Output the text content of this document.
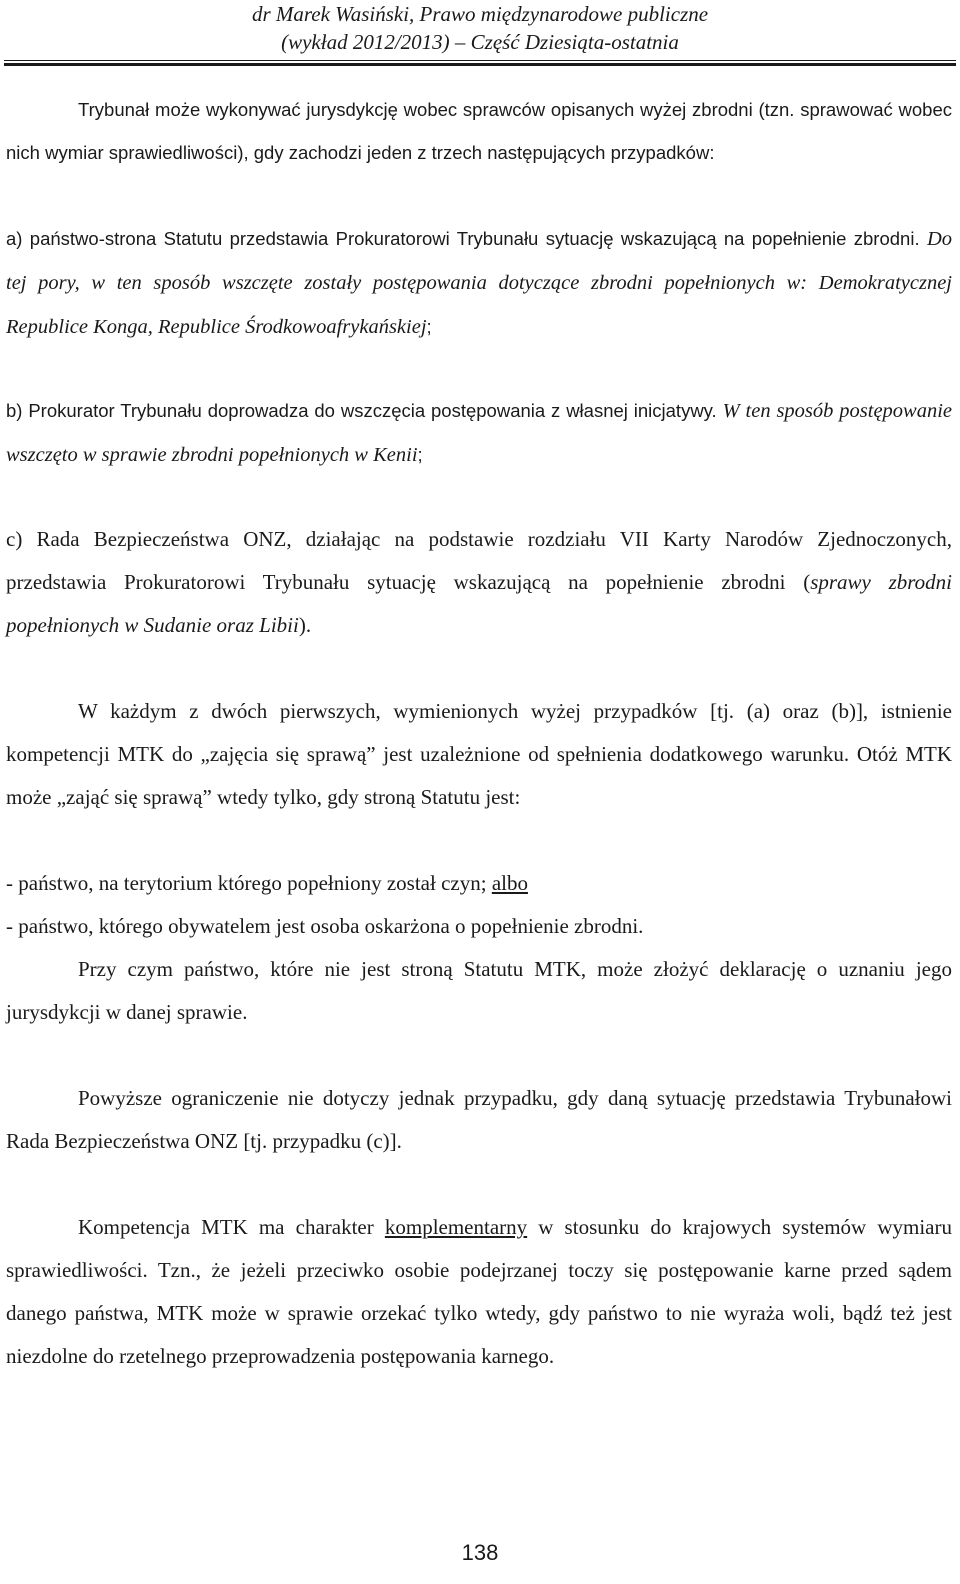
dr Marek Wasiński, Prawo międzynarodowe publiczne
(wykład 2012/2013) – Część Dziesiąta-ostatnia
Trybunał może wykonywać jurysdykcję wobec sprawców opisanych wyżej zbrodni (tzn. sprawować wobec nich wymiar sprawiedliwości), gdy zachodzi jeden z trzech następujących przypadków:
a) państwo-strona Statutu przedstawia Prokuratorowi Trybunału sytuację wskazującą na popełnienie zbrodni. Do tej pory, w ten sposób wszczęte zostały postępowania dotyczące zbrodni popełnionych w: Demokratycznej Republice Konga, Republice Środkowoafrykańskiej;
b) Prokurator Trybunału doprowadza do wszczęcia postępowania z własnej inicjatywy. W ten sposób postępowanie wszczęto w sprawie zbrodni popełnionych w Kenii;
c) Rada Bezpieczeństwa ONZ, działając na podstawie rozdziału VII Karty Narodów Zjednoczonych, przedstawia Prokuratorowi Trybunału sytuację wskazującą na popełnienie zbrodni (sprawy zbrodni popełnionych w Sudanie oraz Libii).
W każdym z dwóch pierwszych, wymienionych wyżej przypadków [tj. (a) oraz (b)], istnienie kompetencji MTK do „zajęcia się sprawą” jest uzależnione od spełnienia dodatkowego warunku. Otóż MTK może „zająć się sprawą” wtedy tylko, gdy stroną Statutu jest:
- państwo, na terytorium którego popełniony został czyn; albo
- państwo, którego obywatelem jest osoba oskarżona o popełnienie zbrodni.
Przy czym państwo, które nie jest stroną Statutu MTK, może złożyć deklarację o uznaniu jego jurysdykcji w danej sprawie.
Powyższe ograniczenie nie dotyczy jednak przypadku, gdy daną sytuację przedstawia Trybunałowi Rada Bezpieczeństwa ONZ [tj. przypadku (c)].
Kompetencja MTK ma charakter komplementarny w stosunku do krajowych systemów wymiaru sprawiedliwości. Tzn., że jeżeli przeciwko osobie podejrzanej toczy się postępowanie karne przed sądem danego państwa, MTK może w sprawie orzekać tylko wtedy, gdy państwo to nie wyraża woli, bądź też jest niezdolne do rzetelnego przeprowadzenia postępowania karnego.
138
